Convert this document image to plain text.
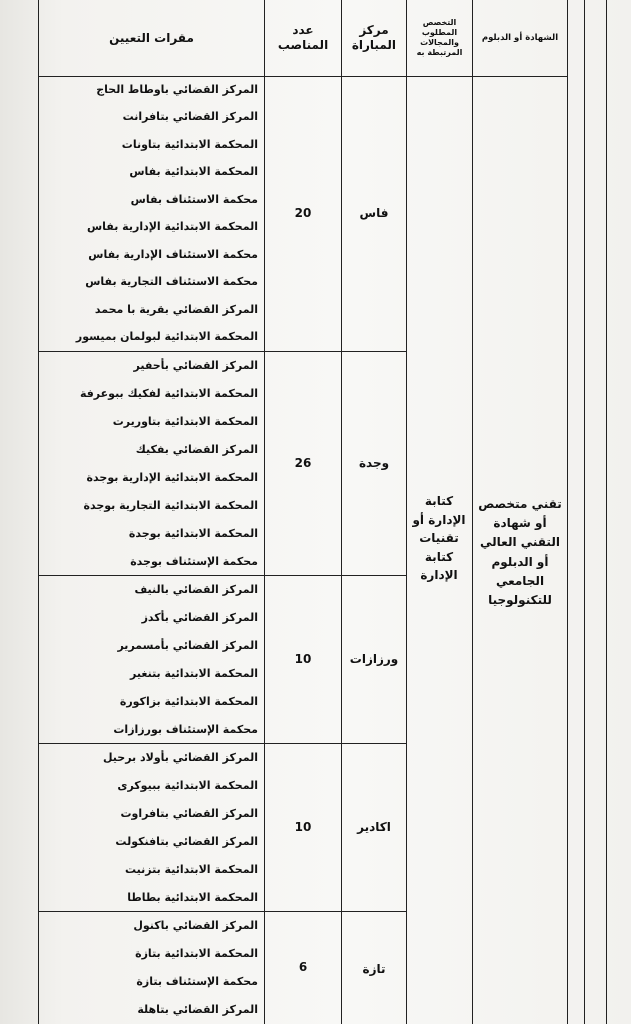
مقرات التعيين
عدد المناصب
مركز المباراة
التخصص المطلوب والمجالات المرتبطة به
الشهادة أو الدبلوم
تقني متخصص أو شهادة التقني العالي أو الدبلوم الجامعي للتكنولوجيا
كتابة الإدارة أو تقنيات كتابة الإدارة
فاس
20
المركز القضائي باوطاط الحاج
المركز القضائي بتافرانت
المحكمة الابتدائية بتاونات
المحكمة الابتدائية بفاس
محكمة الاستئناف بفاس
المحكمة الابتدائية الإدارية بفاس
محكمة الاستئناف الإدارية بفاس
محكمة الاستئناف التجارية بفاس
المركز القضائي بقرية با محمد
المحكمة الابتدائية لبولمان بميسور
وجدة
26
المركز القضائي بأحفير
المحكمة الابتدائية لفكيك ببوعرفة
المحكمة الابتدائية بتاوريرت
المركز القضائي بفكيك
المحكمة الابتدائية الإدارية بوجدة
المحكمة الابتدائية التجارية بوجدة
المحكمة الابتدائية بوجدة
محكمة الإستئناف بوجدة
ورزازات
10
المركز القضائي بالنيف
المركز القضائي بأكدز
المركز القضائي بأمسمرير
المحكمة الابتدائية بتنغير
المحكمة الابتدائية بزاكورة
محكمة الإستئناف بورزازات
اكادير
10
المركز القضائي بأولاد برحيل
المحكمة الابتدائية ببيوكرى
المركز القضائي بتافراوت
المركز القضائي بتافنكولت
المحكمة الابتدائية بتزنيت
المحكمة الابتدائية بطاطا
تازة
6
المركز القضائي باكنول
المحكمة الابتدائية بتازة
محكمة الإستئناف بتازة
المركز القضائي بتاهلة
